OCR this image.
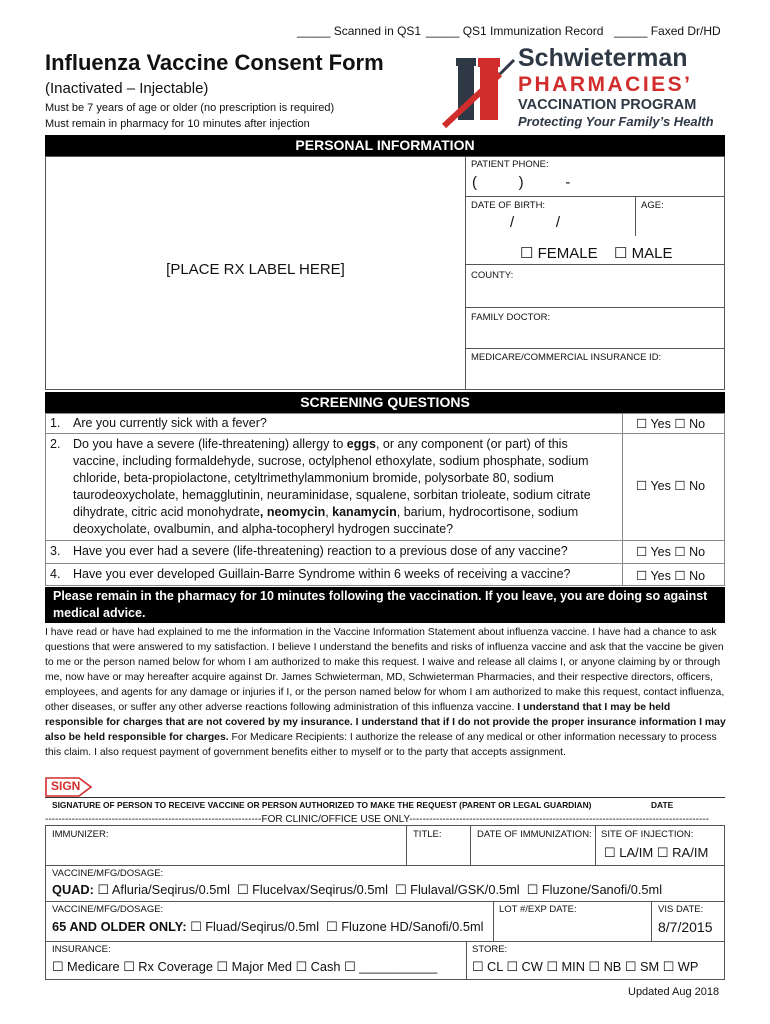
_____ Scanned in QS1 _____ QS1 Immunization Record _____ Faxed Dr/HD
Influenza Vaccine Consent Form
(Inactivated – Injectable)
Must be 7 years of age or older (no prescription is required)
Must remain in pharmacy for 10 minutes after injection
Schwieterman
PHARMACIES’
VACCINATION PROGRAM
Protecting Your Family’s Health
PERSONAL INFORMATION
[PLACE RX LABEL HERE]
PATIENT PHONE:
(          )          -
DATE OF BIRTH:
/          /
AGE:
☐ FEMALE ☐ MALE
COUNTY:
FAMILY DOCTOR:
MEDICARE/COMMERCIAL INSURANCE ID:
SCREENING QUESTIONS
1. Are you currently sick with a fever?	☐ Yes ☐ No
2. Do you have a severe (life-threatening) allergy to eggs, or any component (or part) of this vaccine, including formaldehyde, sucrose, octylphenol ethoxylate, sodium phosphate, sodium chloride, beta-propiolactone, cetyltrimethylammonium bromide, polysorbate 80, sodium taurodeoxycholate, hemagglutinin, neuraminidase, squalene, sorbitan trioleate, sodium citrate dihydrate, citric acid monohydrate, neomycin, kanamycin, barium, hydrocortisone, sodium deoxycholate, ovalbumin, and alpha-tocopheryl hydrogen succinate?
☐ Yes ☐ No
3. Have you ever had a severe (life-threatening) reaction to a previous dose of any vaccine?	☐ Yes ☐ No
4. Have you ever developed Guillain-Barre Syndrome within 6 weeks of receiving a vaccine?	☐ Yes ☐ No
Please remain in the pharmacy for 10 minutes following the vaccination. If you leave, you are doing so against medical advice.
I have read or have had explained to me the information in the Vaccine Information Statement about influenza vaccine. I have had a chance to ask questions that were answered to my satisfaction. I believe I understand the benefits and risks of influenza vaccine and ask that the vaccine be given to me or the person named below for whom I am authorized to make this request. I waive and release all claims I, or anyone claiming by or through me, now have or may hereafter acquire against Dr. James Schwieterman, MD, Schwieterman Pharmacies, and their respective directors, officers, employees, and agents for any damage or injuries if I, or the person named below for whom I am authorized to make this request, contact influenza, other diseases, or suffer any other adverse reactions following administration of this influenza vaccine. I understand that I may be held responsible for charges that are not covered by my insurance. I understand that if I do not provide the proper insurance information I may also be held responsible for charges. For Medicare Recipients: I authorize the release of any medical or other information necessary to process this claim. I also request payment of government benefits either to myself or to the party that accepts assignment.
SIGN
SIGNATURE OF PERSON TO RECEIVE VACCINE OR PERSON AUTHORIZED TO MAKE THE REQUEST (PARENT OR LEGAL GUARDIAN)	DATE
-----------------------------------------------------------------FOR CLINIC/OFFICE USE ONLY------------------------------------------------------------------------------------------
IMMUNIZER:	TITLE:	DATE OF IMMUNIZATION: SITE OF INJECTION:
☐ LA/IM ☐ RA/IM
VACCINE/MFG/DOSAGE:
QUAD: ☐ Afluria/Seqirus/0.5ml ☐ Flucelvax/Seqirus/0.5ml ☐ Flulaval/GSK/0.5ml ☐ Fluzone/Sanofi/0.5ml
VACCINE/MFG/DOSAGE:	LOT #/EXP DATE:	VIS DATE:
8/7/2015
65 AND OLDER ONLY: ☐ Fluad/Seqirus/0.5ml ☐ Fluzone HD/Sanofi/0.5ml
INSURANCE:
☐ Medicare ☐ Rx Coverage ☐ Major Med ☐ Cash ☐ ___________
STORE:
☐ CL ☐ CW ☐ MIN ☐ NB ☐ SM ☐ WP
Updated Aug 2018
